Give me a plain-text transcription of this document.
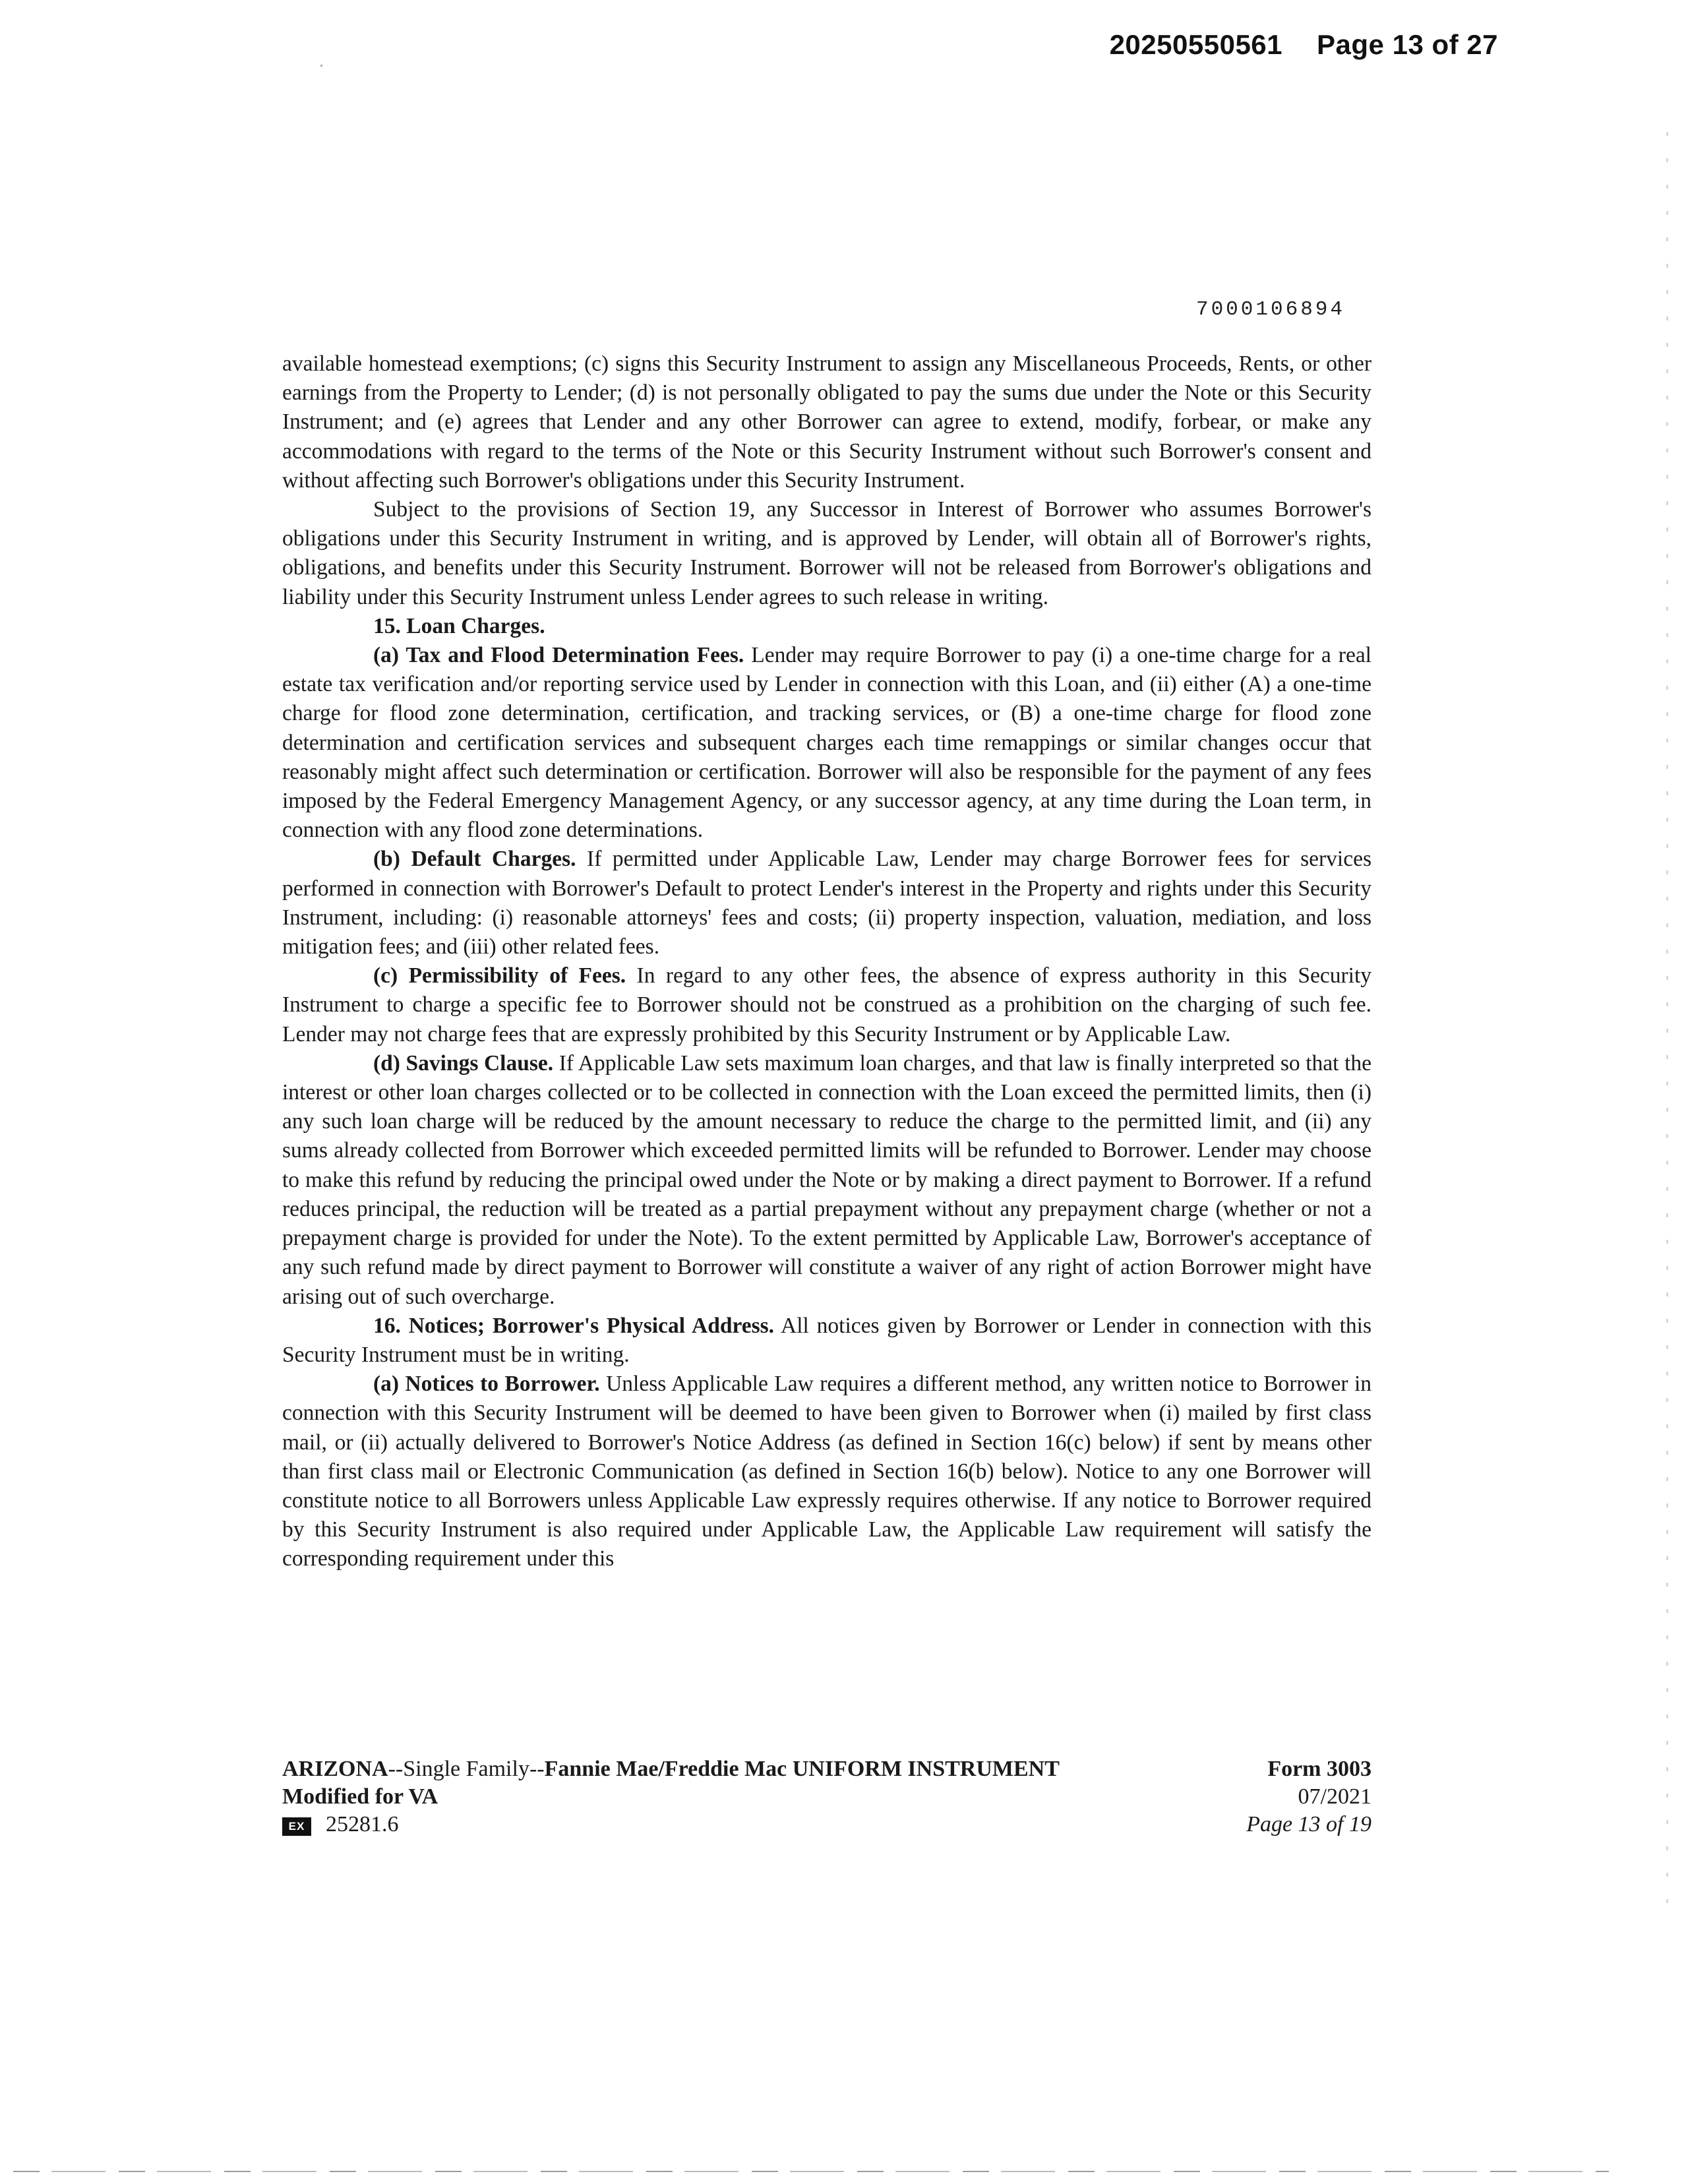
20250550561 Page 13 of 27
7000106894

available homestead exemptions; (c) signs this Security Instrument to assign any Miscellaneous Proceeds, Rents, or other earnings from the Property to Lender; (d) is not personally obligated to pay the sums due under the Note or this Security Instrument; and (e) agrees that Lender and any other Borrower can agree to extend, modify, forbear, or make any accommodations with regard to the terms of the Note or this Security Instrument without such Borrower's consent and without affecting such Borrower's obligations under this Security Instrument.

Subject to the provisions of Section 19, any Successor in Interest of Borrower who assumes Borrower's obligations under this Security Instrument in writing, and is approved by Lender, will obtain all of Borrower's rights, obligations, and benefits under this Security Instrument. Borrower will not be released from Borrower's obligations and liability under this Security Instrument unless Lender agrees to such release in writing.

15. Loan Charges.

(a) Tax and Flood Determination Fees. Lender may require Borrower to pay (i) a one-time charge for a real estate tax verification and/or reporting service used by Lender in connection with this Loan, and (ii) either (A) a one-time charge for flood zone determination, certification, and tracking services, or (B) a one-time charge for flood zone determination and certification services and subsequent charges each time remappings or similar changes occur that reasonably might affect such determination or certification. Borrower will also be responsible for the payment of any fees imposed by the Federal Emergency Management Agency, or any successor agency, at any time during the Loan term, in connection with any flood zone determinations.

(b) Default Charges. If permitted under Applicable Law, Lender may charge Borrower fees for services performed in connection with Borrower's Default to protect Lender's interest in the Property and rights under this Security Instrument, including: (i) reasonable attorneys' fees and costs; (ii) property inspection, valuation, mediation, and loss mitigation fees; and (iii) other related fees.

(c) Permissibility of Fees. In regard to any other fees, the absence of express authority in this Security Instrument to charge a specific fee to Borrower should not be construed as a prohibition on the charging of such fee. Lender may not charge fees that are expressly prohibited by this Security Instrument or by Applicable Law.

(d) Savings Clause. If Applicable Law sets maximum loan charges, and that law is finally interpreted so that the interest or other loan charges collected or to be collected in connection with the Loan exceed the permitted limits, then (i) any such loan charge will be reduced by the amount necessary to reduce the charge to the permitted limit, and (ii) any sums already collected from Borrower which exceeded permitted limits will be refunded to Borrower. Lender may choose to make this refund by reducing the principal owed under the Note or by making a direct payment to Borrower. If a refund reduces principal, the reduction will be treated as a partial prepayment without any prepayment charge (whether or not a prepayment charge is provided for under the Note). To the extent permitted by Applicable Law, Borrower's acceptance of any such refund made by direct payment to Borrower will constitute a waiver of any right of action Borrower might have arising out of such overcharge.

16. Notices; Borrower's Physical Address. All notices given by Borrower or Lender in connection with this Security Instrument must be in writing.

(a) Notices to Borrower. Unless Applicable Law requires a different method, any written notice to Borrower in connection with this Security Instrument will be deemed to have been given to Borrower when (i) mailed by first class mail, or (ii) actually delivered to Borrower's Notice Address (as defined in Section 16(c) below) if sent by means other than first class mail or Electronic Communication (as defined in Section 16(b) below). Notice to any one Borrower will constitute notice to all Borrowers unless Applicable Law expressly requires otherwise. If any notice to Borrower required by this Security Instrument is also required under Applicable Law, the Applicable Law requirement will satisfy the corresponding requirement under this

ARIZONA--Single Family--Fannie Mae/Freddie Mac UNIFORM INSTRUMENT
Modified for VA
EX 25281.6
Form 3003
07/2021
Page 13 of 19
